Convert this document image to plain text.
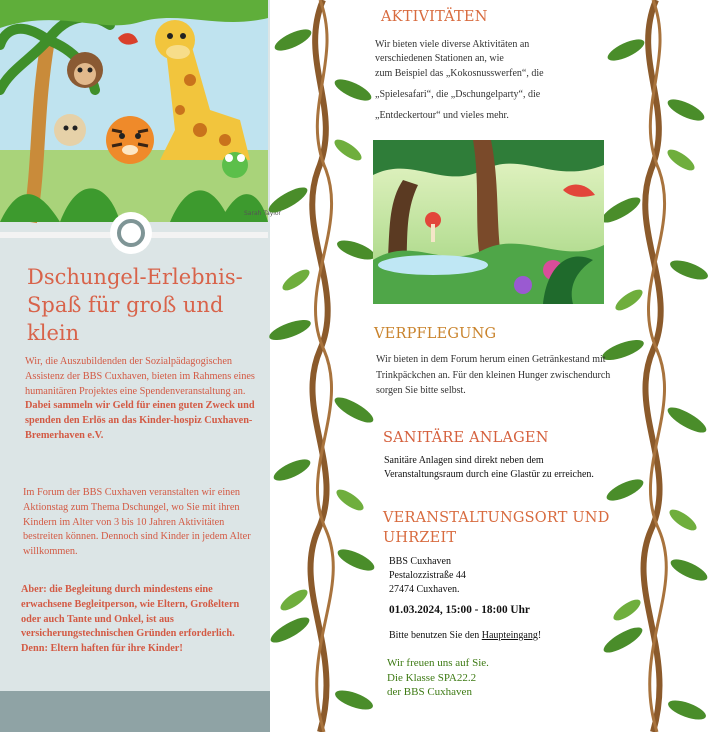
Sarah Taylor
Dschungel-Erlebnis-Spaß für groß und klein
Wir, die Auszubildenden der Sozialpädagogischen Assistenz der BBS Cuxhaven, bieten im Rahmens eines humanitären Projektes eine Spendenveranstaltung an. Dabei sammeln wir Geld für einen guten Zweck und spenden den Erlös an das Kinder-hospiz Cuxhaven-Bremerhaven e.V.
Im Forum der BBS Cuxhaven veranstalten wir einen Aktionstag zum Thema Dschungel, wo Sie mit ihren Kindern im Alter von 3 bis 10 Jahren Aktivitäten bestreiten können. Dennoch sind Kinder in jedem Alter willkommen.
Aber: die Begleitung durch mindestens eine erwachsene Begleitperson, wie Eltern, Großeltern oder auch Tante und Onkel, ist aus versicherungstechnischen Gründen erforderlich. Denn: Eltern haften für ihre Kinder!
AKTIVITÄTEN
Wir bieten viele diverse Aktivitäten an
verschiedenen Stationen an, wie
zum Beispiel das „Kokosnusswerfen“, die
„Spielesafari“, die „Dschungelparty“, die
„Entdeckertour“ und vieles mehr.
VERPFLEGUNG
Wir bieten in dem Forum herum einen Getränkestand mit Trinkpäckchen an. Für den kleinen Hunger zwischendurch sorgen Sie bitte selbst.
SANITÄRE ANLAGEN
Sanitäre Anlagen sind direkt neben dem Veranstaltungsraum durch eine Glastür zu erreichen.
VERANSTALTUNGSORT UND UHRZEIT
BBS Cuxhaven
Pestalozzistraße 44
27474 Cuxhaven.
01.03.2024, 15:00 - 18:00 Uhr
Bitte benutzen Sie den Haupteingang!
Wir freuen uns auf Sie.
Die Klasse SPA22.2
der BBS Cuxhaven
